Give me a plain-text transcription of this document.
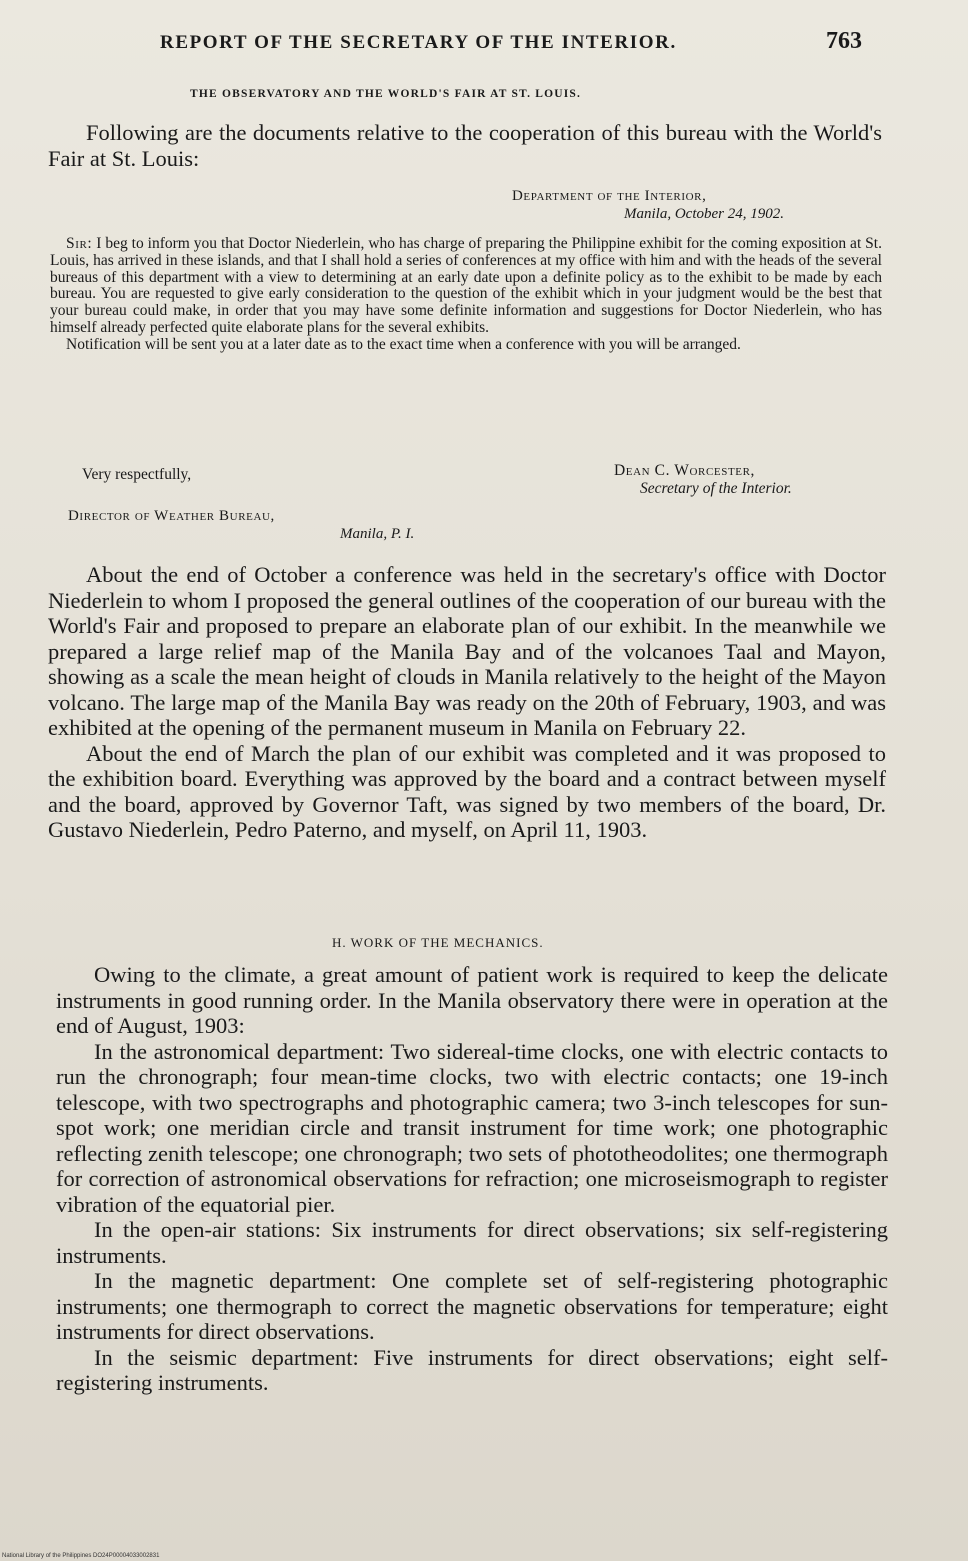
REPORT OF THE SECRETARY OF THE INTERIOR.	763
THE OBSERVATORY AND THE WORLD'S FAIR AT ST. LOUIS.

Following are the documents relative to the cooperation of this bureau with the World's Fair at St. Louis:

Department of the Interior,
Manila, October 24, 1902.

Sir: I beg to inform you that Doctor Niederlein, who has charge of preparing the Philippine exhibit for the coming exposition at St. Louis, has arrived in these islands, and that I shall hold a series of conferences at my office with him and with the heads of the several bureaus of this department with a view to determining at an early date upon a definite policy as to the exhibit to be made by each bureau. You are requested to give early consideration to the question of the exhibit which in your judgment would be the best that your bureau could make, in order that you may have some definite information and suggestions for Doctor Niederlein, who has himself already perfected quite elaborate plans for the several exhibits.

Notification will be sent you at a later date as to the exact time when a conference with you will be arranged.

Very respectfully,	Dean C. Worcester,
Secretary of the Interior.
Director of Weather Bureau,
Manila, P. I.

About the end of October a conference was held in the secretary's office with Doctor Niederlein to whom I proposed the general outlines of the cooperation of our bureau with the World's Fair and proposed to prepare an elaborate plan of our exhibit. In the meanwhile we prepared a large relief map of the Manila Bay and of the volcanoes Taal and Mayon, showing as a scale the mean height of clouds in Manila relatively to the height of the Mayon volcano. The large map of the Manila Bay was ready on the 20th of February, 1903, and was exhibited at the opening of the permanent museum in Manila on February 22.

About the end of March the plan of our exhibit was completed and it was proposed to the exhibition board. Everything was approved by the board and a contract between myself and the board, approved by Governor Taft, was signed by two members of the board, Dr. Gustavo Niederlein, Pedro Paterno, and myself, on April 11, 1903.

H. WORK OF THE MECHANICS.

Owing to the climate, a great amount of patient work is required to keep the delicate instruments in good running order. In the Manila observatory there were in operation at the end of August, 1903:

In the astronomical department: Two sidereal-time clocks, one with electric contacts to run the chronograph; four mean-time clocks, two with electric contacts; one 19-inch telescope, with two spectrographs and photographic camera; two 3-inch telescopes for sun-spot work; one meridian circle and transit instrument for time work; one photographic reflecting zenith telescope; one chronograph; two sets of phototheodolites; one thermograph for correction of astronomical observations for refraction; one microseismograph to register vibration of the equatorial pier.

In the open-air stations: Six instruments for direct observations; six self-registering instruments.

In the magnetic department: One complete set of self-registering photographic instruments; one thermograph to correct the magnetic observations for temperature; eight instruments for direct observations.

In the seismic department: Five instruments for direct observations; eight self-registering instruments.

National Library of the Philippines DO24P00004033002831
